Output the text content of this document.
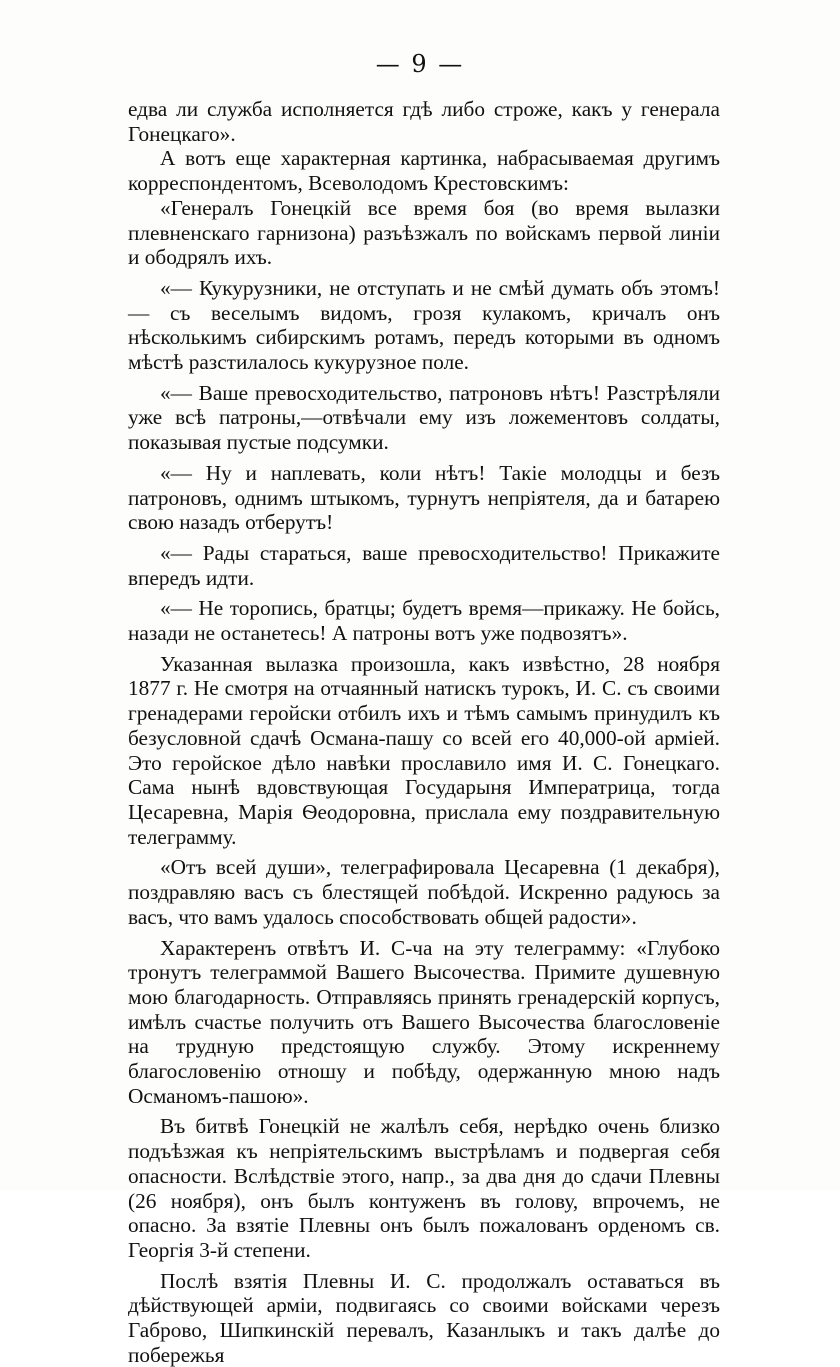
— 9 —

едва ли служба исполняется гдѣ либо строже, какъ у генерала Гонецкаго».

А вотъ еще характерная картинка, набрасываемая другимъ корреспондентомъ, Всеволодомъ Крестовскимъ:

«Генералъ Гонецкій все время боя (во время вылазки плевненскаго гарнизона) разъѣзжалъ по войскамъ первой линіи и ободрялъ ихъ.

«— Кукурузники, не отступать и не смѣй думать объ этомъ!— съ веселымъ видомъ, грозя кулакомъ, кричалъ онъ нѣсколькимъ сибирскимъ ротамъ, передъ которыми въ одномъ мѣстѣ разстилалось кукурузное поле.

«— Ваше превосходительство, патроновъ нѣтъ! Разстрѣляли уже всѣ патроны,—отвѣчали ему изъ ложементовъ солдаты, показывая пустые подсумки.

«— Ну и наплевать, коли нѣтъ! Такіе молодцы и безъ патроновъ, однимъ штыкомъ, турнутъ непріятеля, да и батарею свою назадъ отберутъ!

«— Рады стараться, ваше превосходительство! Прикажите впередъ идти.

«— Не торопись, братцы; будетъ время—прикажу. Не бойсь, назади не останетесь! А патроны вотъ уже подвозятъ».

Указанная вылазка произошла, какъ извѣстно, 28 ноября 1877 г. Не смотря на отчаянный натискъ турокъ, И. С. съ своими гренадерами геройски отбилъ ихъ и тѣмъ самымъ принудилъ къ безусловной сдачѣ Османа-пашу со всей его 40,000-ой арміей. Это геройское дѣло навѣки прославило имя И. С. Гонецкаго. Сама нынѣ вдовствующая Государыня Императрица, тогда Цесаревна, Марія Ѳеодоровна, прислала ему поздравительную телеграмму.

«Отъ всей души», телеграфировала Цесаревна (1 декабря), поздравляю васъ съ блестящей побѣдой. Искренно радуюсь за васъ, что вамъ удалось способствовать общей радости».

Характеренъ отвѣтъ И. С-ча на эту телеграмму: «Глубоко тронутъ телеграммой Вашего Высочества. Примите душевную мою благодарность. Отправляясь принять гренадерскій корпусъ, имѣлъ счастье получить отъ Вашего Высочества благословеніе на трудную предстоящую службу. Этому искреннему благословенію отношу и побѣду, одержанную мною надъ Османомъ-пашою».

Въ битвѣ Гонецкій не жалѣлъ себя, нерѣдко очень близко подъѣзжая къ непріятельскимъ выстрѣламъ и подвергая себя опасности. Вслѣдствіе этого, напр., за два дня до сдачи Плевны (26 ноября), онъ былъ контуженъ въ голову, впрочемъ, не опасно. За взятіе Плевны онъ былъ пожалованъ орденомъ св. Георгія 3-й степени.

Послѣ взятія Плевны И. С. продолжалъ оставаться въ дѣйствующей арміи, подвигаясь со своими войсками черезъ Габрово, Шипкинскій перевалъ, Казанлыкъ и такъ далѣе до побережья
